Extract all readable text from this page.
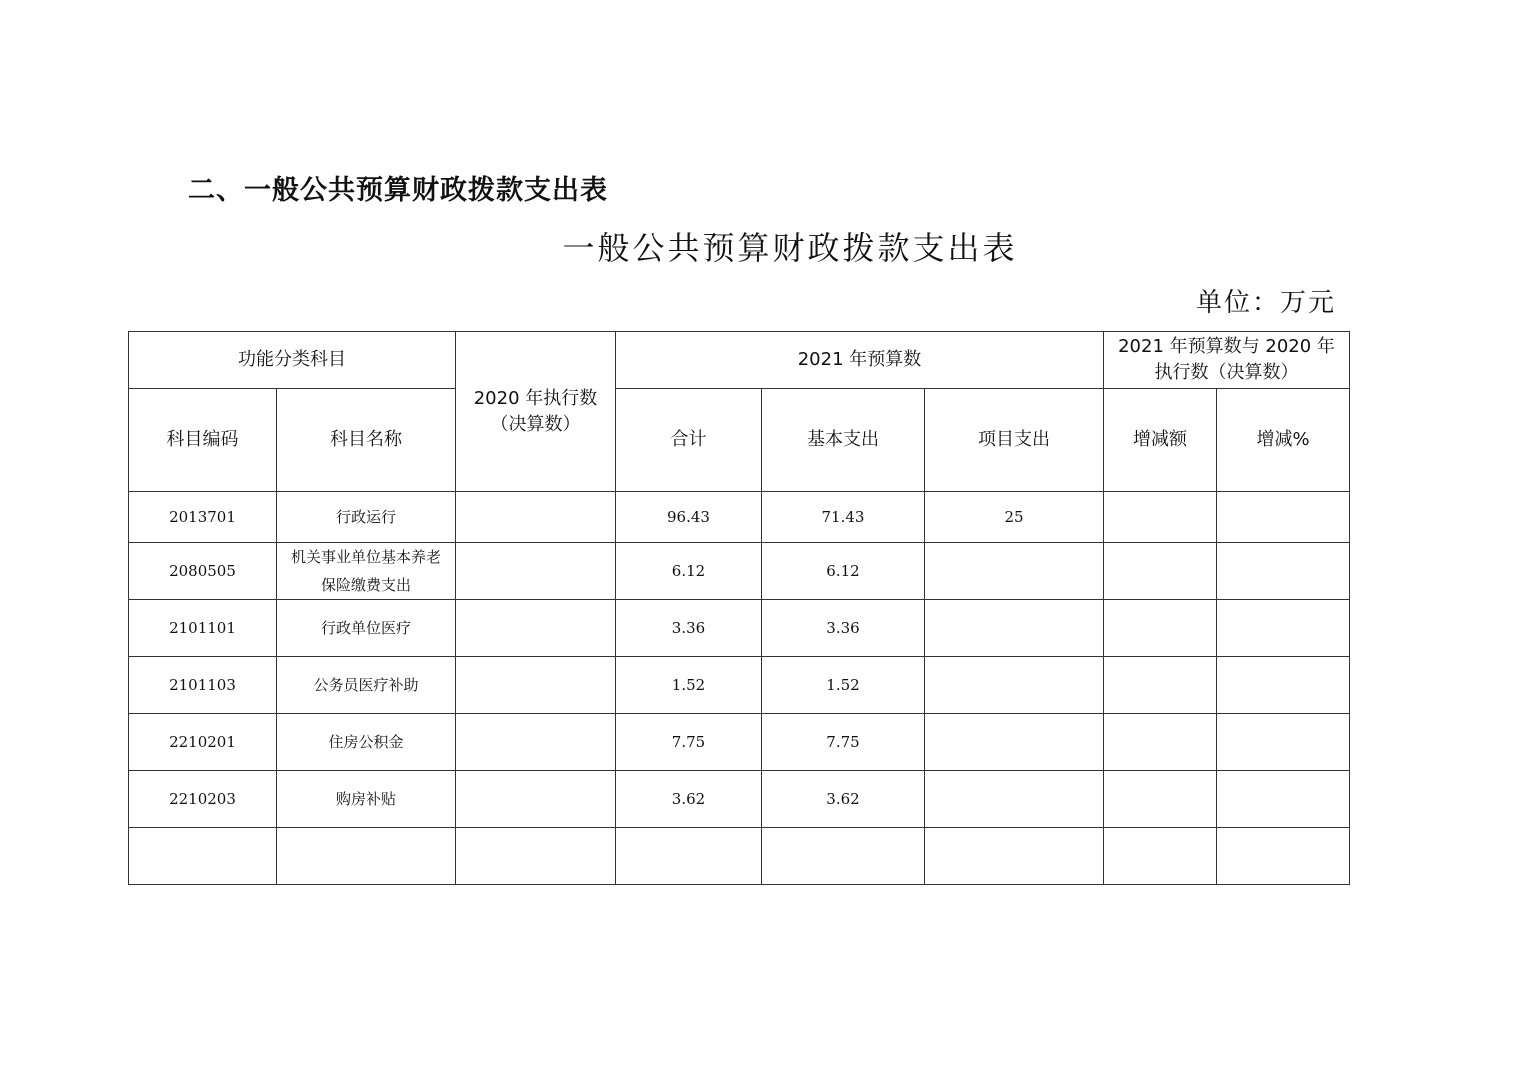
二、一般公共预算财政拨款支出表
一般公共预算财政拨款支出表
单位：万元
功能分类科目		2020 年执行数（决算数）	2021 年预算数			2021 年预算数与 2020 年执行数（决算数）	
科目编码	科目名称		合计	基本支出	项目支出	增减额	增减%
2013701	行政运行		96.43	71.43	25		
2080505	机关事业单位基本养老保险缴费支出		6.12	6.12			
2101101	行政单位医疗		3.36	3.36			
2101103	公务员医疗补助		1.52	1.52			
2210201	住房公积金		7.75	7.75			
2210203	购房补贴		3.62	3.62			
